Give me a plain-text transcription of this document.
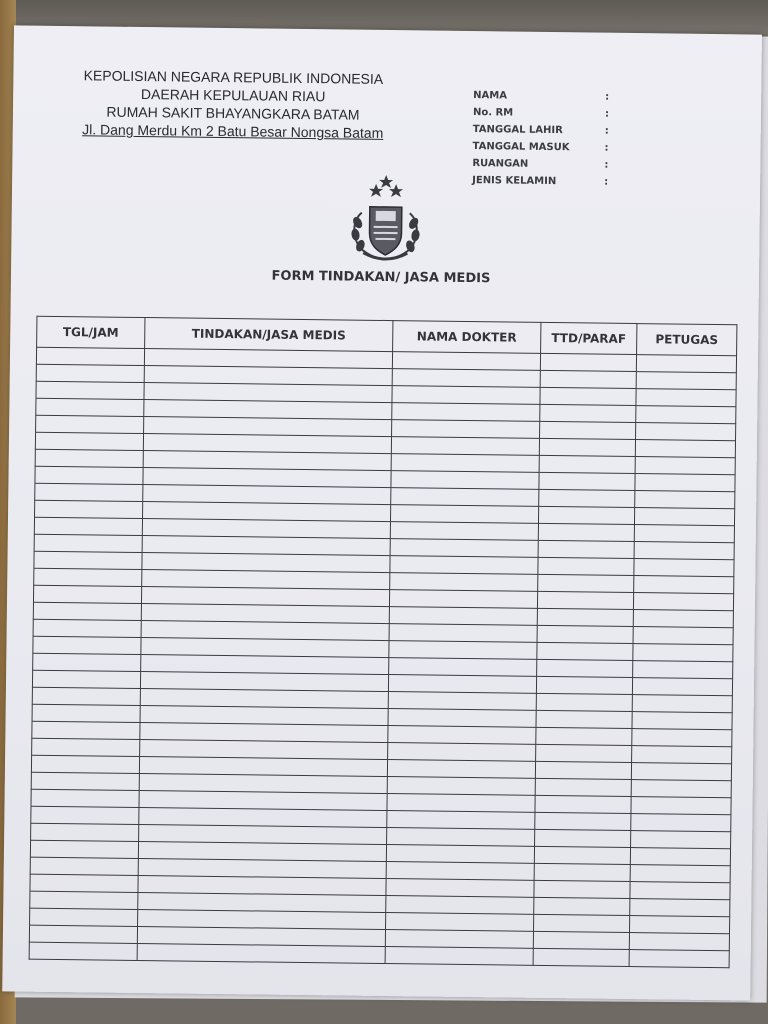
KEPOLISIAN NEGARA REPUBLIK INDONESIA
DAERAH KEPULAUAN RIAU
RUMAH SAKIT BHAYANGKARA BATAM
Jl. Dang Merdu Km 2 Batu Besar Nongsa Batam
NAMA	:
No. RM	:
TANGGAL LAHIR	:
TANGGAL MASUK	:
RUANGAN	:
JENIS KELAMIN	:
FORM TINDAKAN/ JASA MEDIS
TGL/JAM	TINDAKAN/JASA MEDIS	NAMA DOKTER	TTD/PARAF	PETUGAS
